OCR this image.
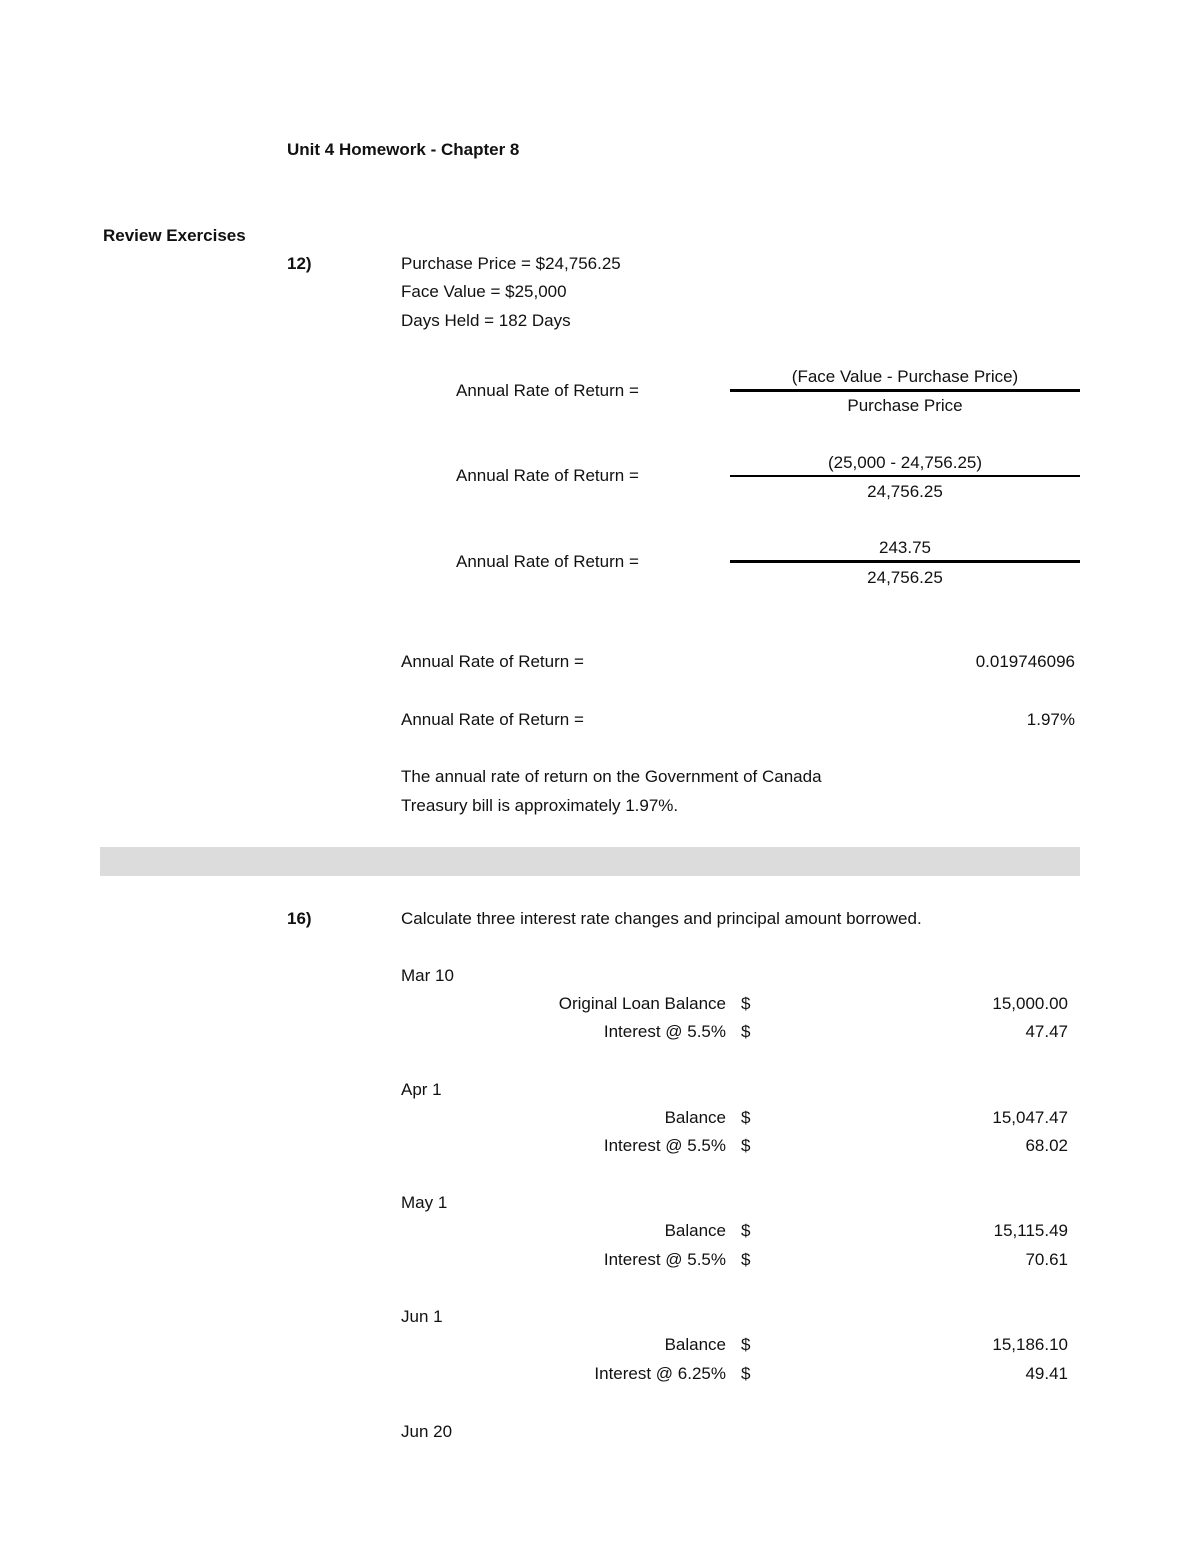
Unit 4 Homework - Chapter 8
Review Exercises
12)	Purchase Price = $24,756.25
Face Value = $25,000
Days Held = 182 Days
Annual Rate of Return =
(Face Value - Purchase Price)
Purchase Price
Annual Rate of Return =
(25,000 - 24,756.25)
24,756.25
Annual Rate of Return =
243.75
24,756.25
Annual Rate of Return =	0.019746096
Annual Rate of Return =	1.97%
The annual rate of return on the Government of Canada
Treasury bill is approximately 1.97%.
16)	Calculate three interest rate changes and principal amount borrowed.
Mar 10
Original Loan Balance $	15,000.00
Interest @ 5.5% $	47.47
Apr 1
Balance $	15,047.47
Interest @ 5.5% $	68.02
May 1
Balance $	15,115.49
Interest @ 5.5% $	70.61
Jun 1
Balance $	15,186.10
Interest @ 6.25% $	49.41
Jun 20
